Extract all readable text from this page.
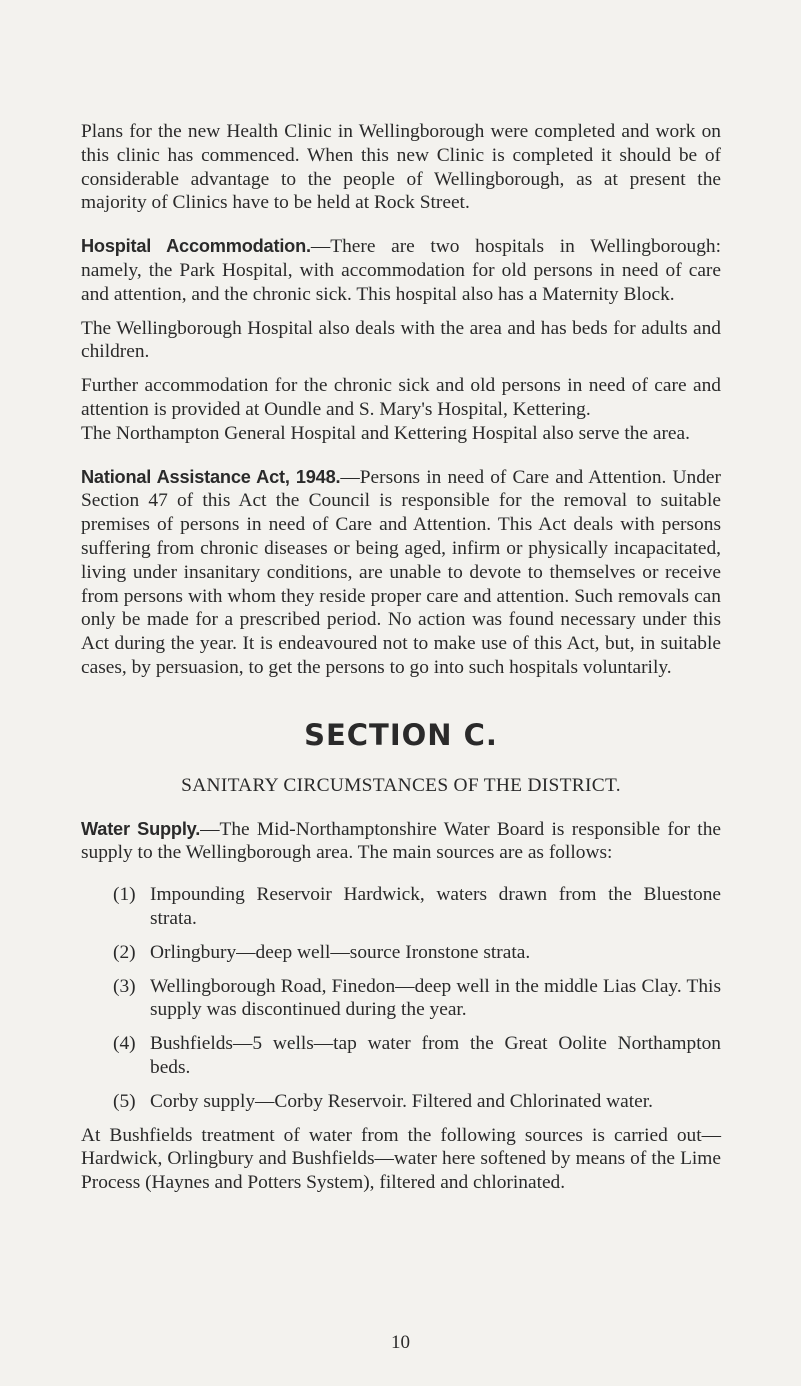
Plans for the new Health Clinic in Wellingborough were completed and work on this clinic has commenced. When this new Clinic is completed it should be of considerable advantage to the people of Wellingborough, as at present the majority of Clinics have to be held at Rock Street.

Hospital Accommodation.—There are two hospitals in Wellingborough: namely, the Park Hospital, with accommodation for old persons in need of care and attention, and the chronic sick. This hospital also has a Maternity Block.

The Wellingborough Hospital also deals with the area and has beds for adults and children.

Further accommodation for the chronic sick and old persons in need of care and attention is provided at Oundle and S. Mary's Hospital, Kettering.

The Northampton General Hospital and Kettering Hospital also serve the area.

National Assistance Act, 1948.—Persons in need of Care and Attention. Under Section 47 of this Act the Council is responsible for the removal to suitable premises of persons in need of Care and Attention. This Act deals with persons suffering from chronic diseases or being aged, infirm or physically incapacitated, living under insanitary conditions, are unable to devote to themselves or receive from persons with whom they reside proper care and attention. Such removals can only be made for a prescribed period. No action was found necessary under this Act during the year. It is endeavoured not to make use of this Act, but, in suitable cases, by persuasion, to get the persons to go into such hospitals voluntarily.

SECTION C.
SANITARY CIRCUMSTANCES OF THE DISTRICT.

Water Supply.—The Mid-Northamptonshire Water Board is responsible for the supply to the Wellingborough area. The main sources are as follows:

(1) Impounding Reservoir Hardwick, waters drawn from the Bluestone strata.
(2) Orlingbury—deep well—source Ironstone strata.
(3) Wellingborough Road, Finedon—deep well in the middle Lias Clay. This supply was discontinued during the year.
(4) Bushfields—5 wells—tap water from the Great Oolite Northampton beds.
(5) Corby supply—Corby Reservoir. Filtered and Chlorinated water.

At Bushfields treatment of water from the following sources is carried out—Hardwick, Orlingbury and Bushfields—water here softened by means of the Lime Process (Haynes and Potters System), filtered and chlorinated.

10
